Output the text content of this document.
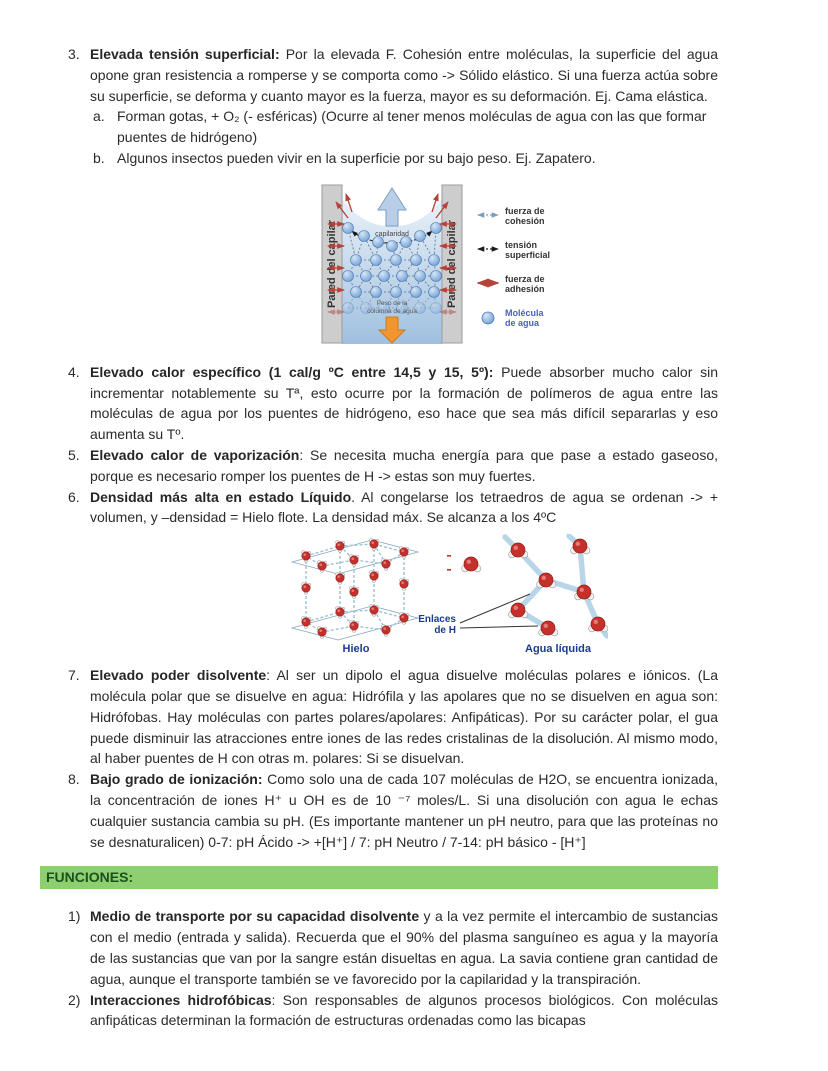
3. Elevada tensión superficial: Por la elevada F. Cohesión entre moléculas, la superficie del agua opone gran resistencia a romperse y se comporta como -> Sólido elástico. Si una fuerza actúa sobre su superficie, se deforma y cuanto mayor es la fuerza, mayor es su deformación. Ej. Cama elástica.
a. Forman gotas, + O₂ (- esféricas) (Ocurre al tener menos moléculas de agua con las que formar puentes de hidrógeno)
b. Algunos insectos pueden vivir en la superficie por su bajo peso. Ej. Zapatero.
Pared del capilar	Pared del capilar
capilaridad
Peso de la
columna de agua
fuerza de
cohesión
tensión
superficial
fuerza de
adhesión
Molécula
de agua
4. Elevado calor específico (1 cal/g ºC entre 14,5 y 15, 5º): Puede absorber mucho calor sin incrementar notablemente su Tª, esto ocurre por la formación de polímeros de agua entre las moléculas de agua por los puentes de hidrógeno, eso hace que sea más difícil separarlas y eso aumenta su Tº.
5. Elevado calor de vaporización: Se necesita mucha energía para que pase a estado gaseoso, porque es necesario romper los puentes de H -> estas son muy fuertes.
6. Densidad más alta en estado Líquido. Al congelarse los tetraedros de agua se ordenan -> + volumen, y –densidad = Hielo flote. La densidad máx. Se alcanza a los 4ºC
Hielo
Enlaces
de H
Agua líquida
7. Elevado poder disolvente: Al ser un dipolo el agua disuelve moléculas polares e iónicos. (La molécula polar que se disuelve en agua: Hidrófila y las apolares que no se disuelven en agua son: Hidrófobas. Hay moléculas con partes polares/apolares: Anfipáticas). Por su carácter polar, el gua puede disminuir las atracciones entre iones de las redes cristalinas de la disolución. Al mismo modo, al haber puentes de H con otras m. polares: Si se disuelvan.
8. Bajo grado de ionización: Como solo una de cada 107 moléculas de H2O, se encuentra ionizada, la concentración de iones H⁺ u OH es de 10 ⁻⁷ moles/L. Si una disolución con agua le echas cualquier sustancia cambia su pH. (Es importante mantener un pH neutro, para que las proteínas no se desnaturalicen) 0-7: pH Ácido -> +[H⁺] / 7: pH Neutro / 7-14: pH básico - [H⁺]
FUNCIONES:
1) Medio de transporte por su capacidad disolvente y a la vez permite el intercambio de sustancias con el medio (entrada y salida). Recuerda que el 90% del plasma sanguíneo es agua y la mayoría de las sustancias que van por la sangre están disueltas en agua. La savia contiene gran cantidad de agua, aunque el transporte también se ve favorecido por la capilaridad y la transpiración.
2) Interacciones hidrofóbicas: Son responsables de algunos procesos biológicos. Con moléculas anfipáticas determinan la formación de estructuras ordenadas como las bicapas
